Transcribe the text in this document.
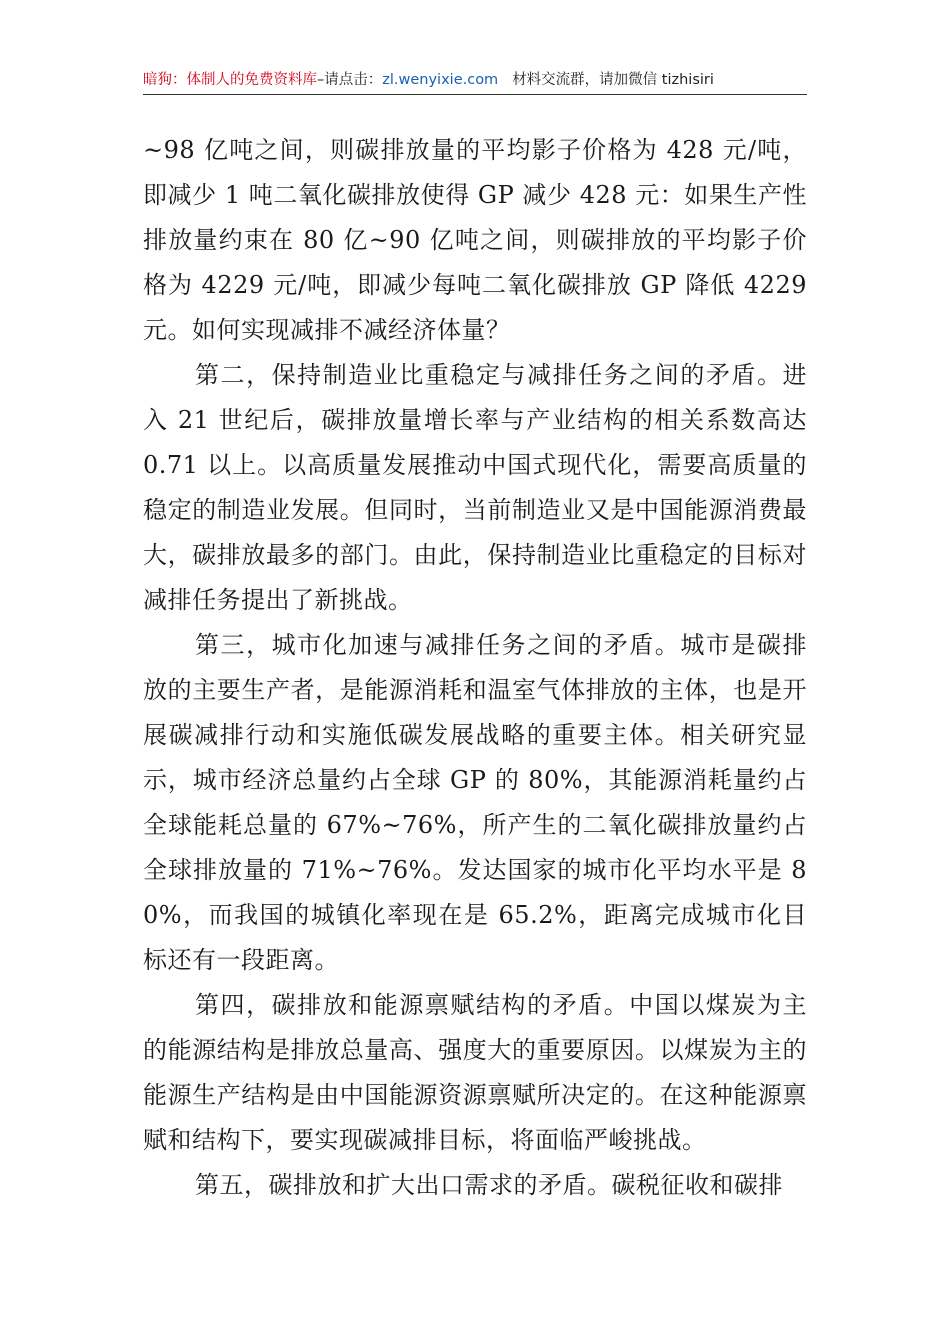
暗狗：体制人的免费资料库–请点击：zl.wenyixie.com 材料交流群，请加微信 tizhisiri

~98 亿吨之间，则碳排放量的平均影子价格为 428 元/吨，即减少 1 吨二氧化碳排放使得 GP 减少 428 元：如果生产性排放量约束在 80 亿~90 亿吨之间，则碳排放的平均影子价格为 4229 元/吨，即减少每吨二氧化碳排放 GP 降低 4229 元。如何实现减排不减经济体量？

第二，保持制造业比重稳定与减排任务之间的矛盾。进入 21 世纪后，碳排放量增长率与产业结构的相关系数高达 0.71 以上。以高质量发展推动中国式现代化，需要高质量的稳定的制造业发展。但同时，当前制造业又是中国能源消费最大，碳排放最多的部门。由此，保持制造业比重稳定的目标对减排任务提出了新挑战。

第三，城市化加速与减排任务之间的矛盾。城市是碳排放的主要生产者，是能源消耗和温室气体排放的主体，也是开展碳减排行动和实施低碳发展战略的重要主体。相关研究显示，城市经济总量约占全球 GP 的 80%，其能源消耗量约占全球能耗总量的 67%~76%，所产生的二氧化碳排放量约占全球排放量的 71%~76%。发达国家的城市化平均水平是 80%，而我国的城镇化率现在是 65.2%，距离完成城市化目标还有一段距离。

第四，碳排放和能源禀赋结构的矛盾。中国以煤炭为主的能源结构是排放总量高、强度大的重要原因。以煤炭为主的能源生产结构是由中国能源资源禀赋所决定的。在这种能源禀赋和结构下，要实现碳减排目标，将面临严峻挑战。

第五，碳排放和扩大出口需求的矛盾。碳税征收和碳排
